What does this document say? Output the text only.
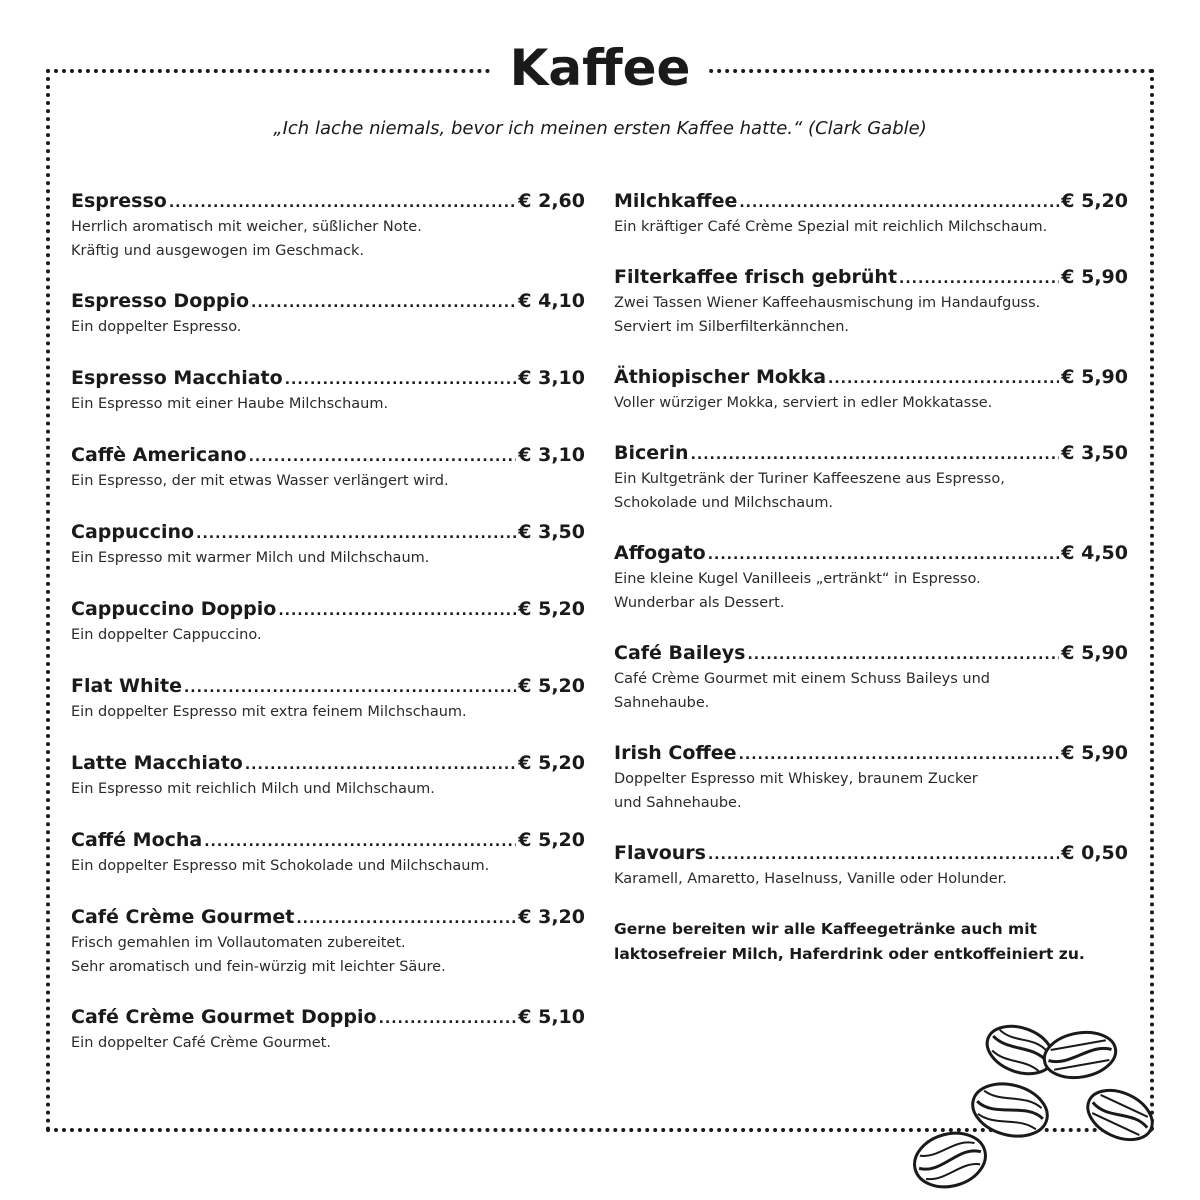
Kaffee
„Ich lache niemals, bevor ich meinen ersten Kaffee hatte.“ (Clark Gable)
Espresso .....	€ 2,60
Herrlich aromatisch mit weicher, süßlicher Note.
Kräftig und ausgewogen im Geschmack.
Espresso Doppio .....	€ 4,10
Ein doppelter Espresso.
Espresso Macchiato .....	€ 3,10
Ein Espresso mit einer Haube Milchschaum.
Caffè Americano .....	€ 3,10
Ein Espresso, der mit etwas Wasser verlängert wird.
Cappuccino .....	€ 3,50
Ein Espresso mit warmer Milch und Milchschaum.
Cappuccino Doppio .....	€ 5,20
Ein doppelter Cappuccino.
Flat White .....	€ 5,20
Ein doppelter Espresso mit extra feinem Milchschaum.
Latte Macchiato .....	€ 5,20
Ein Espresso mit reichlich Milch und Milchschaum.
Caffé Mocha .....	€ 5,20
Ein doppelter Espresso mit Schokolade und Milchschaum.
Café Crème Gourmet .....	€ 3,20
Frisch gemahlen im Vollautomaten zubereitet.
Sehr aromatisch und fein-würzig mit leichter Säure.
Café Crème Gourmet Doppio .....	€ 5,10
Ein doppelter Café Crème Gourmet.
Milchkaffee .....	€ 5,20
Ein kräftiger Café Crème Spezial mit reichlich Milchschaum.
Filterkaffee frisch gebrüht .....	€ 5,90
Zwei Tassen Wiener Kaffeehausmischung im Handaufguss.
Serviert im Silberfilterkännchen.
Äthiopischer Mokka .....	€ 5,90
Voller würziger Mokka, serviert in edler Mokkatasse.
Bicerin .....	€ 3,50
Ein Kultgetränk der Turiner Kaffeeszene aus Espresso,
Schokolade und Milchschaum.
Affogato .....	€ 4,50
Eine kleine Kugel Vanilleeis „ertränkt“ in Espresso.
Wunderbar als Dessert.
Café Baileys .....	€ 5,90
Café Crème Gourmet mit einem Schuss Baileys und
Sahnehaube.
Irish Coffee .....	€ 5,90
Doppelter Espresso mit Whiskey, braunem Zucker
und Sahnehaube.
Flavours .....	€ 0,50
Karamell, Amaretto, Haselnuss, Vanille oder Holunder.
Gerne bereiten wir alle Kaffeegetränke auch mit
laktosefreier Milch, Haferdrink oder entkoffeiniert zu.
